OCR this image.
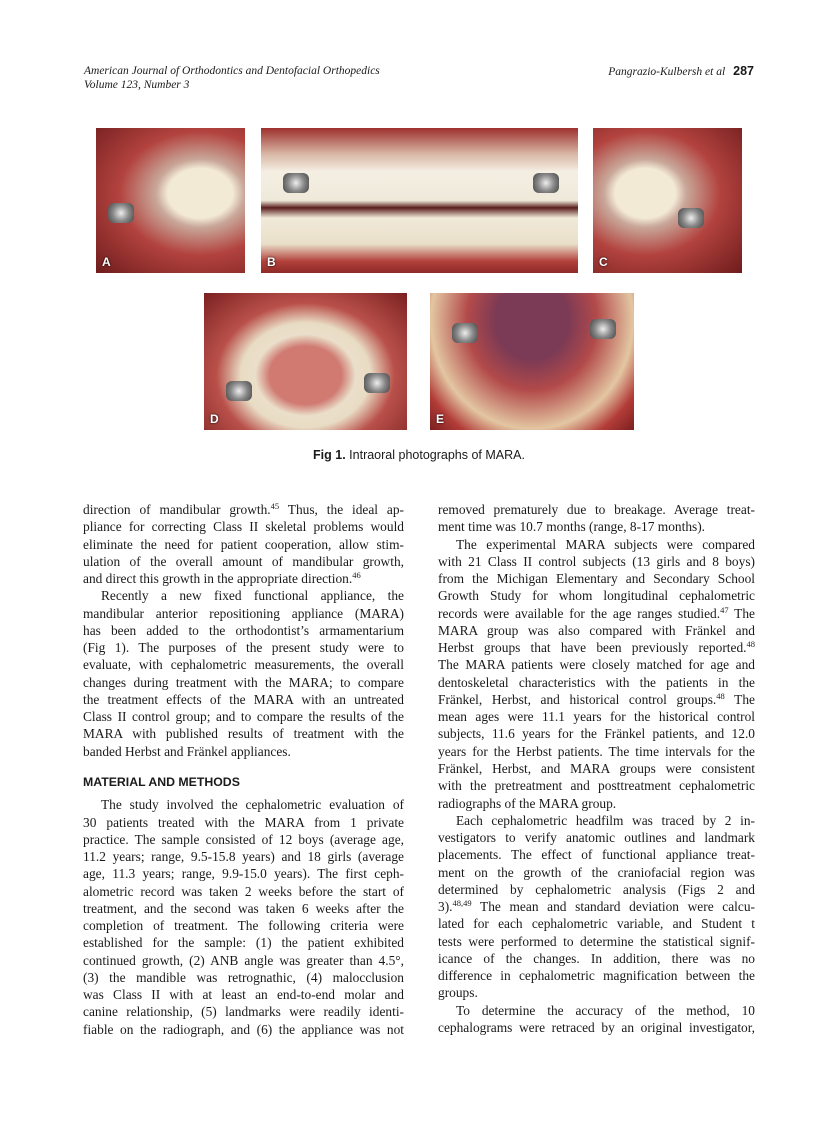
American Journal of Orthodontics and Dentofacial Orthopedics
Volume 123, Number 3
Pangrazio-Kulbersh et al 287
A	B	C
D	E
Fig 1. Intraoral photographs of MARA.
direction of mandibular growth.$^{45}$ Thus, the ideal ap-
pliance for correcting Class II skeletal problems would
eliminate the need for patient cooperation, allow stim-
ulation of the overall amount of mandibular growth,
and direct this growth in the appropriate direction.$^{46}$
Recently a new fixed functional appliance, the
mandibular anterior repositioning appliance (MARA)
has been added to the orthodontist’s armamentarium
(Fig 1). The purposes of the present study were to
evaluate, with cephalometric measurements, the overall
changes during treatment with the MARA; to compare
the treatment effects of the MARA with an untreated
Class II control group; and to compare the results of the
MARA with published results of treatment with the
banded Herbst and Fränkel appliances.
MATERIAL AND METHODS
The study involved the cephalometric evaluation of
30 patients treated with the MARA from 1 private
practice. The sample consisted of 12 boys (average age,
11.2 years; range, 9.5-15.8 years) and 18 girls (average
age, 11.3 years; range, 9.9-15.0 years). The first ceph-
alometric record was taken 2 weeks before the start of
treatment, and the second was taken 6 weeks after the
completion of treatment. The following criteria were
established for the sample: (1) the patient exhibited
continued growth, (2) ANB angle was greater than 4.5°,
(3) the mandible was retrognathic, (4) malocclusion
was Class II with at least an end-to-end molar and
canine relationship, (5) landmarks were readily identi-
fiable on the radiograph, and (6) the appliance was not
removed prematurely due to breakage. Average treat-
ment time was 10.7 months (range, 8-17 months).
The experimental MARA subjects were compared
with 21 Class II control subjects (13 girls and 8 boys)
from the Michigan Elementary and Secondary School
Growth Study for whom longitudinal cephalometric
records were available for the age ranges studied.$^{47}$ The
MARA group was also compared with Fränkel and
Herbst groups that have been previously reported.$^{48}$
The MARA patients were closely matched for age and
dentoskeletal characteristics with the patients in the
Fränkel, Herbst, and historical control groups.$^{48}$ The
mean ages were 11.1 years for the historical control
subjects, 11.6 years for the Fränkel patients, and 12.0
years for the Herbst patients. The time intervals for the
Fränkel, Herbst, and MARA groups were consistent
with the pretreatment and posttreatment cephalometric
radiographs of the MARA group.
Each cephalometric headfilm was traced by 2 in-
vestigators to verify anatomic outlines and landmark
placements. The effect of functional appliance treat-
ment on the growth of the craniofacial region was
determined by cephalometric analysis (Figs 2 and
3).$^{48,49}$ The mean and standard deviation were calcu-
lated for each cephalometric variable, and Student t
tests were performed to determine the statistical signif-
icance of the changes. In addition, there was no
difference in cephalometric magnification between the
groups.
To determine the accuracy of the method, 10
cephalograms were retraced by an original investigator,
